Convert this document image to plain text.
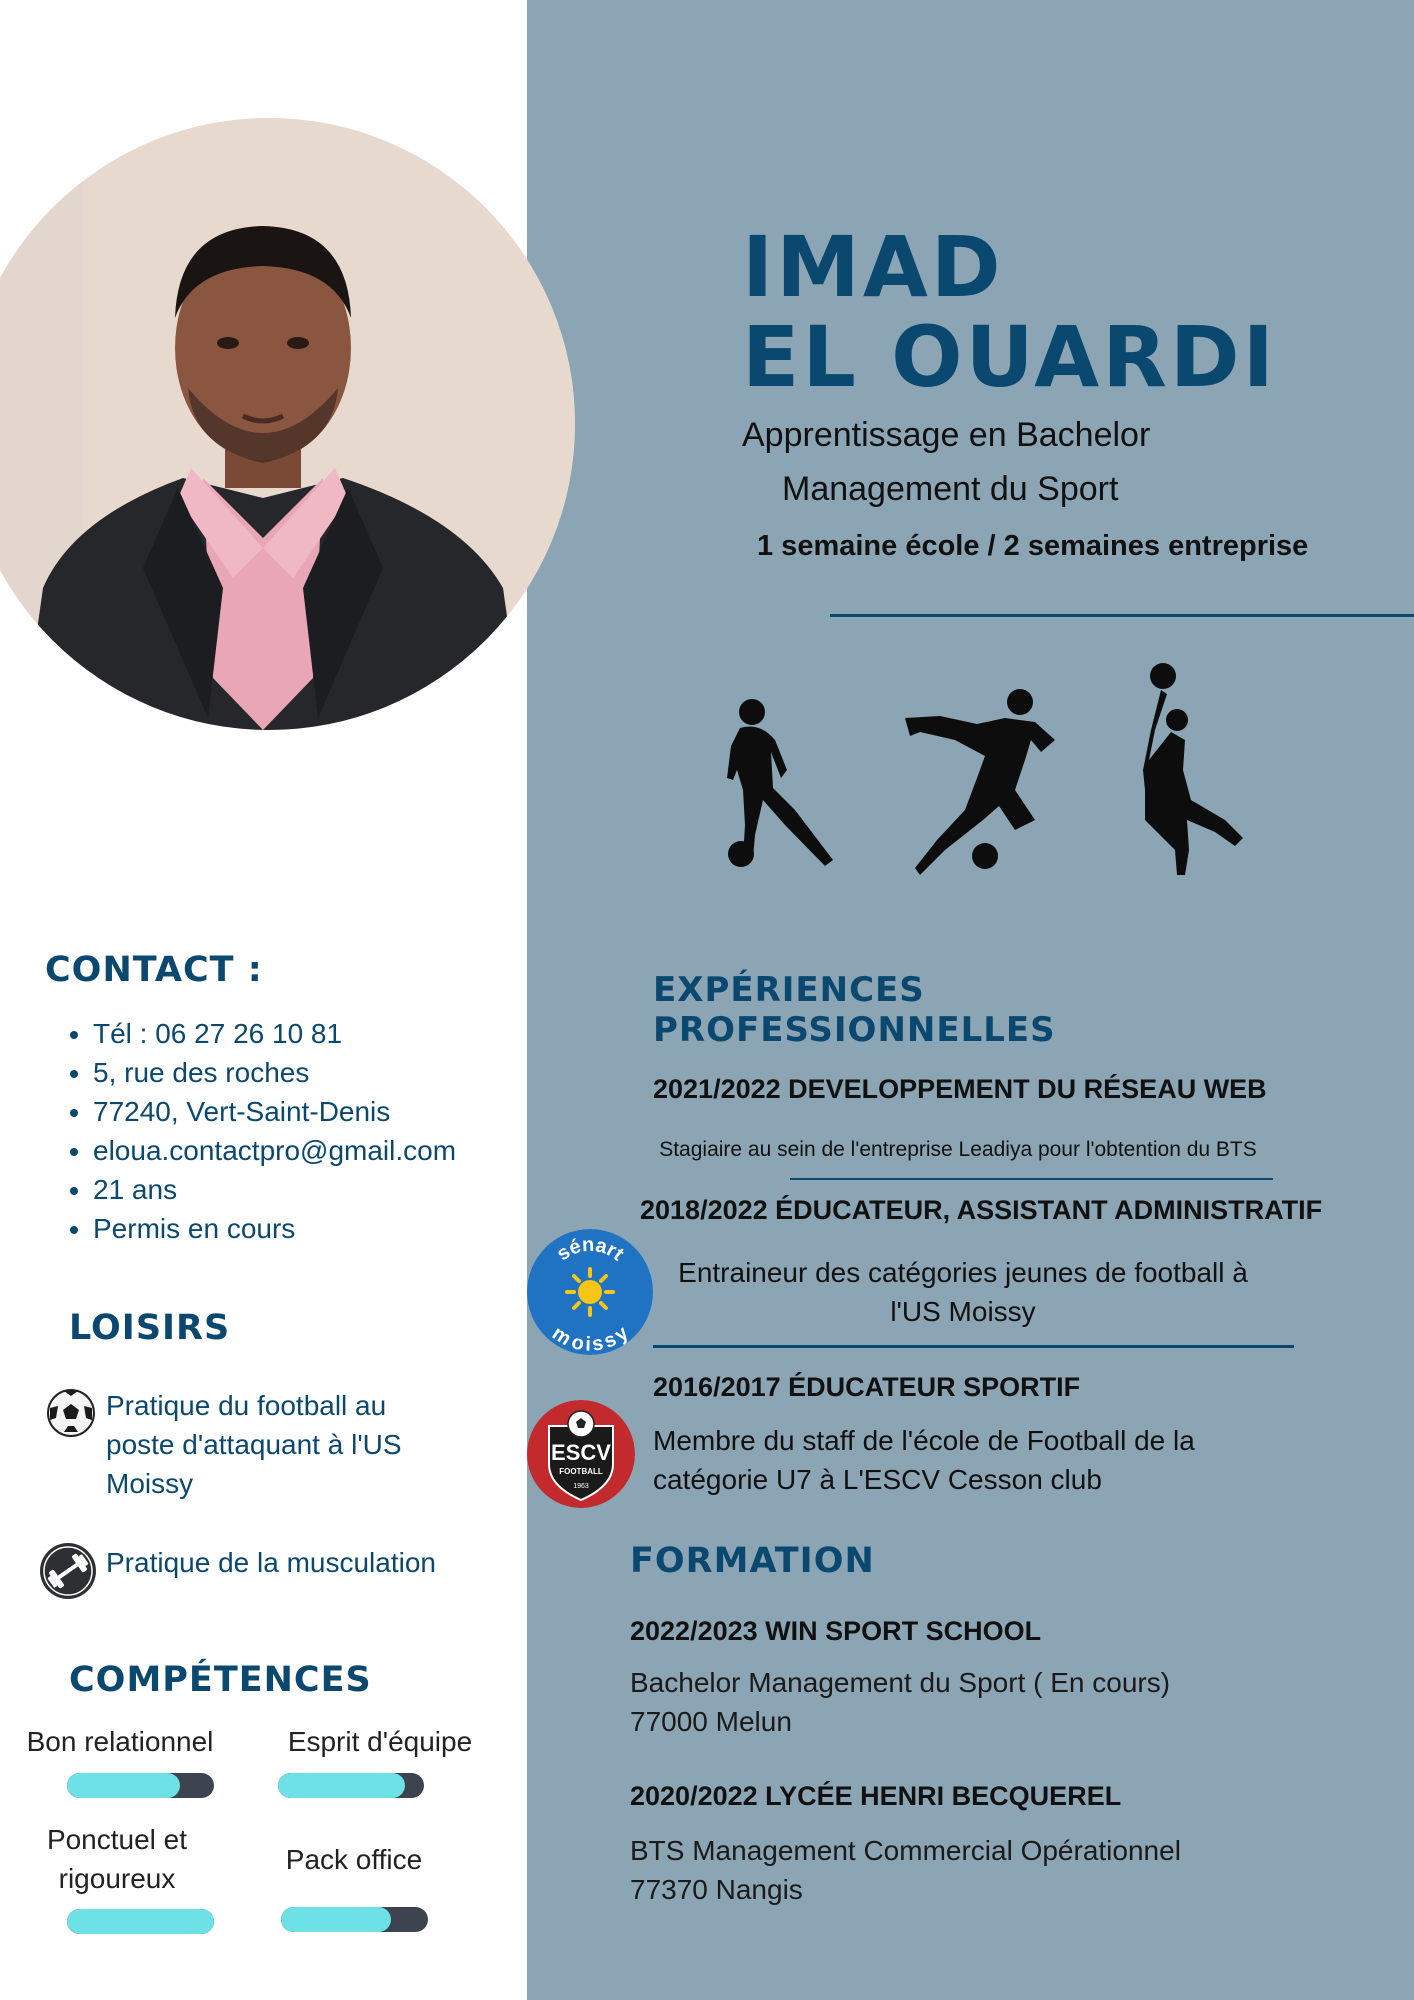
IMAD
EL OUARDI
Apprentissage en Bachelor
Management du Sport
1 semaine école / 2 semaines entreprise
CONTACT :
• Tél : 06 27 26 10 81
• 5, rue des roches
• 77240, Vert-Saint-Denis
• eloua.contactpro@gmail.com
• 21 ans
• Permis en cours
LOISIRS
Pratique du football au poste d'attaquant à l'US Moissy
Pratique de la musculation
COMPÉTENCES
Bon relationnel	Esprit d'équipe
Ponctuel et rigoureux
Pack office
EXPÉRIENCES
PROFESSIONNELLES
2021/2022 DEVELOPPEMENT DU RÉSEAU WEB
Stagiaire au sein de l'entreprise Leadiya pour l'obtention du BTS
2018/2022 ÉDUCATEUR, ASSISTANT ADMINISTRATIF
sénart
moissy
Entraineur des catégories jeunes de football à l'US Moissy
2016/2017 ÉDUCATEUR SPORTIF
ESCV
FOOTBALL
1963
Membre du staff de l'école de Football de la catégorie U7 à L'ESCV Cesson club
FORMATION
2022/2023 WIN SPORT SCHOOL
Bachelor Management du Sport ( En cours)
77000 Melun
2020/2022 LYCÉE HENRI BECQUEREL
BTS Management Commercial Opérationnel
77370 Nangis
